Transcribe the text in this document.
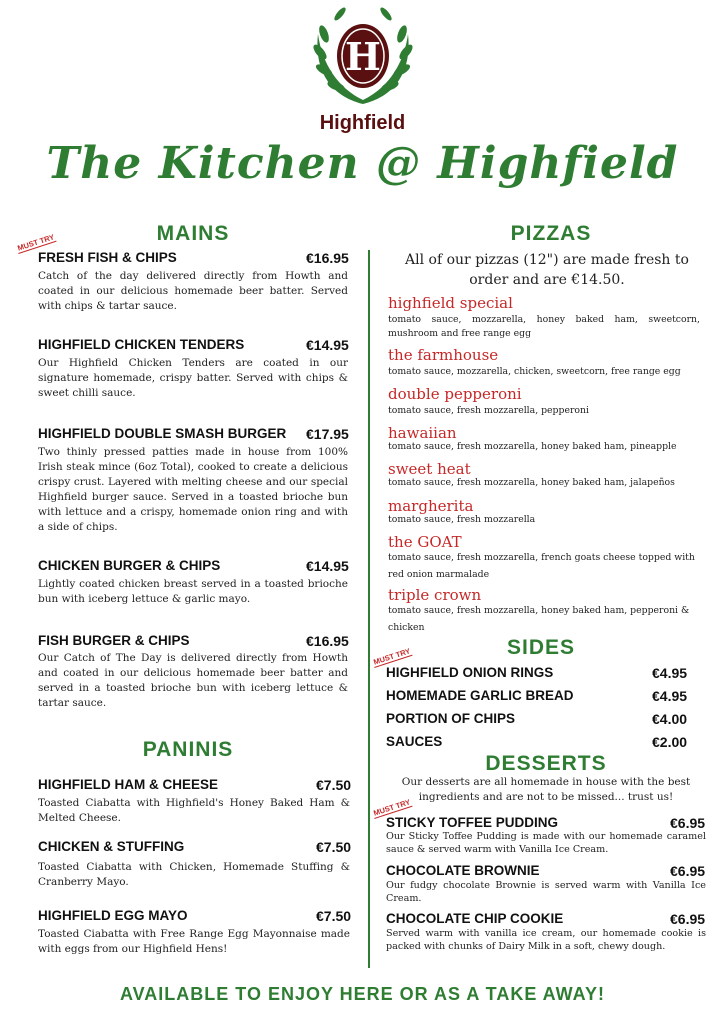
H
Highfield
The Kitchen @ Highfield
MAINS
MUST TRY
FRESH FISH & CHIPS	€16.95
Catch of the day delivered directly from Howth and coated in our delicious homemade beer batter. Served with chips & tartar sauce.
HIGHFIELD CHICKEN TENDERS	€14.95
Our Highfield Chicken Tenders are coated in our signature homemade, crispy batter. Served with chips & sweet chilli sauce.
HIGHFIELD DOUBLE SMASH BURGER €17.95
Two thinly pressed patties made in house from 100% Irish steak mince (6oz Total), cooked to create a delicious crispy crust. Layered with melting cheese and our special Highfield burger sauce. Served in a toasted brioche bun with lettuce and a crispy, homemade onion ring and with a side of chips.
CHICKEN BURGER & CHIPS	€14.95
Lightly coated chicken breast served in a toasted brioche bun with iceberg lettuce & garlic mayo.
FISH BURGER & CHIPS	€16.95
Our Catch of The Day is delivered directly from Howth and coated in our delicious homemade beer batter and served in a toasted brioche bun with iceberg lettuce & tartar sauce.
PANINIS
HIGHFIELD HAM & CHEESE	€7.50
Toasted Ciabatta with Highfield's Honey Baked Ham & Melted Cheese.
CHICKEN & STUFFING	€7.50
Toasted Ciabatta with Chicken, Homemade Stuffing & Cranberry Mayo.
HIGHFIELD EGG MAYO	€7.50
Toasted Ciabatta with Free Range Egg Mayonnaise made with eggs from our Highfield Hens!
PIZZAS
All of our pizzas (12") are made fresh to order and are €14.50.
highfield special
tomato sauce, mozzarella, honey baked ham, sweetcorn, mushroom and free range egg
the farmhouse
tomato sauce, mozzarella, chicken, sweetcorn, free range egg
double pepperoni
tomato sauce, fresh mozzarella, pepperoni
hawaiian
tomato sauce, fresh mozzarella, honey baked ham, pineapple
sweet heat
tomato sauce, fresh mozzarella, honey baked ham, jalapeños
margherita
tomato sauce, fresh mozzarella
the GOAT
tomato sauce, fresh mozzarella, french goats cheese topped with red onion marmalade
triple crown
tomato sauce, fresh mozzarella, honey baked ham, pepperoni & chicken
SIDES
MUST TRY
HIGHFIELD ONION RINGS	€4.95
HOMEMADE GARLIC BREAD	€4.95
PORTION OF CHIPS	€4.00
SAUCES	€2.00
DESSERTS
Our desserts are all homemade in house with the best ingredients and are not to be missed... trust us!
MUST TRY
STICKY TOFFEE PUDDING	€6.95
Our Sticky Toffee Pudding is made with our homemade caramel sauce & served warm with Vanilla Ice Cream.
CHOCOLATE BROWNIE	€6.95
Our fudgy chocolate Brownie is served warm with Vanilla Ice Cream.
CHOCOLATE CHIP COOKIE	€6.95
Served warm with vanilla ice cream, our homemade cookie is packed with chunks of Dairy Milk in a soft, chewy dough.
AVAILABLE TO ENJOY HERE OR AS A TAKE AWAY!
